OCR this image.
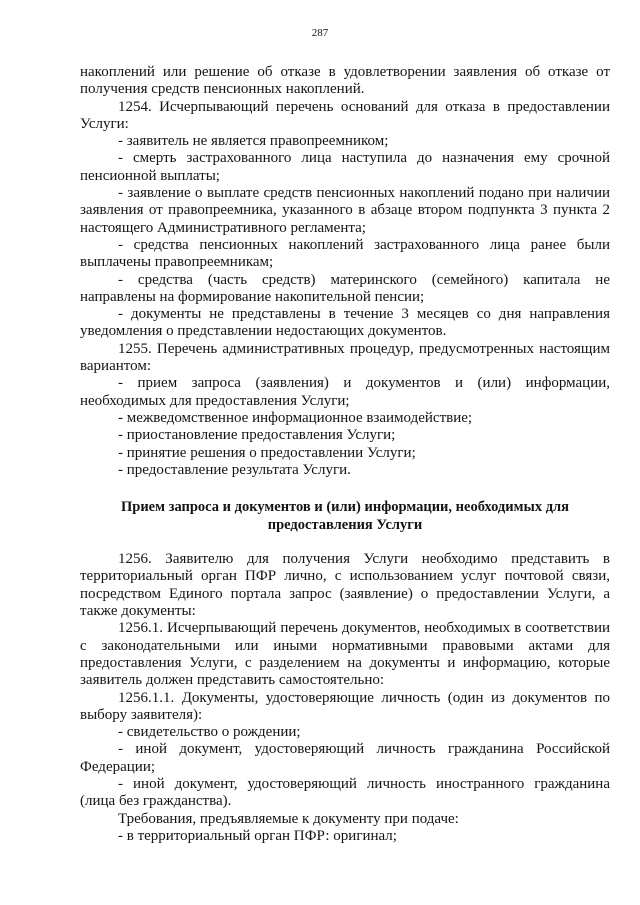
287

накоплений или решение об отказе в удовлетворении заявления об отказе от получения средств пенсионных накоплений.

1254. Исчерпывающий перечень оснований для отказа в предоставлении Услуги:

- заявитель не является правопреемником;

- смерть застрахованного лица наступила до назначения ему срочной пенсионной выплаты;

- заявление о выплате средств пенсионных накоплений подано при наличии заявления от правопреемника, указанного в абзаце втором подпункта 3 пункта 2 настоящего Административного регламента;

- средства пенсионных накоплений застрахованного лица ранее были выплачены правопреемникам;

- средства (часть средств) материнского (семейного) капитала не направлены на формирование накопительной пенсии;

- документы не представлены в течение 3 месяцев со дня направления уведомления о представлении недостающих документов.

1255. Перечень административных процедур, предусмотренных настоящим вариантом:

- прием запроса (заявления) и документов и (или) информации, необходимых для предоставления Услуги;

- межведомственное информационное взаимодействие;

- приостановление предоставления Услуги;

- принятие решения о предоставлении Услуги;

- предоставление результата Услуги.

Прием запроса и документов и (или) информации, необходимых для предоставления Услуги

1256. Заявителю для получения Услуги необходимо представить в территориальный орган ПФР лично, с использованием услуг почтовой связи, посредством Единого портала запрос (заявление) о предоставлении Услуги, а также документы:

1256.1. Исчерпывающий перечень документов, необходимых в соответствии с законодательными или иными нормативными правовыми актами для предоставления Услуги, с разделением на документы и информацию, которые заявитель должен представить самостоятельно:

1256.1.1. Документы, удостоверяющие личность (один из документов по выбору заявителя):

- свидетельство о рождении;

- иной документ, удостоверяющий личность гражданина Российской Федерации;

- иной документ, удостоверяющий личность иностранного гражданина (лица без гражданства).

Требования, предъявляемые к документу при подаче:

- в территориальный орган ПФР: оригинал;
